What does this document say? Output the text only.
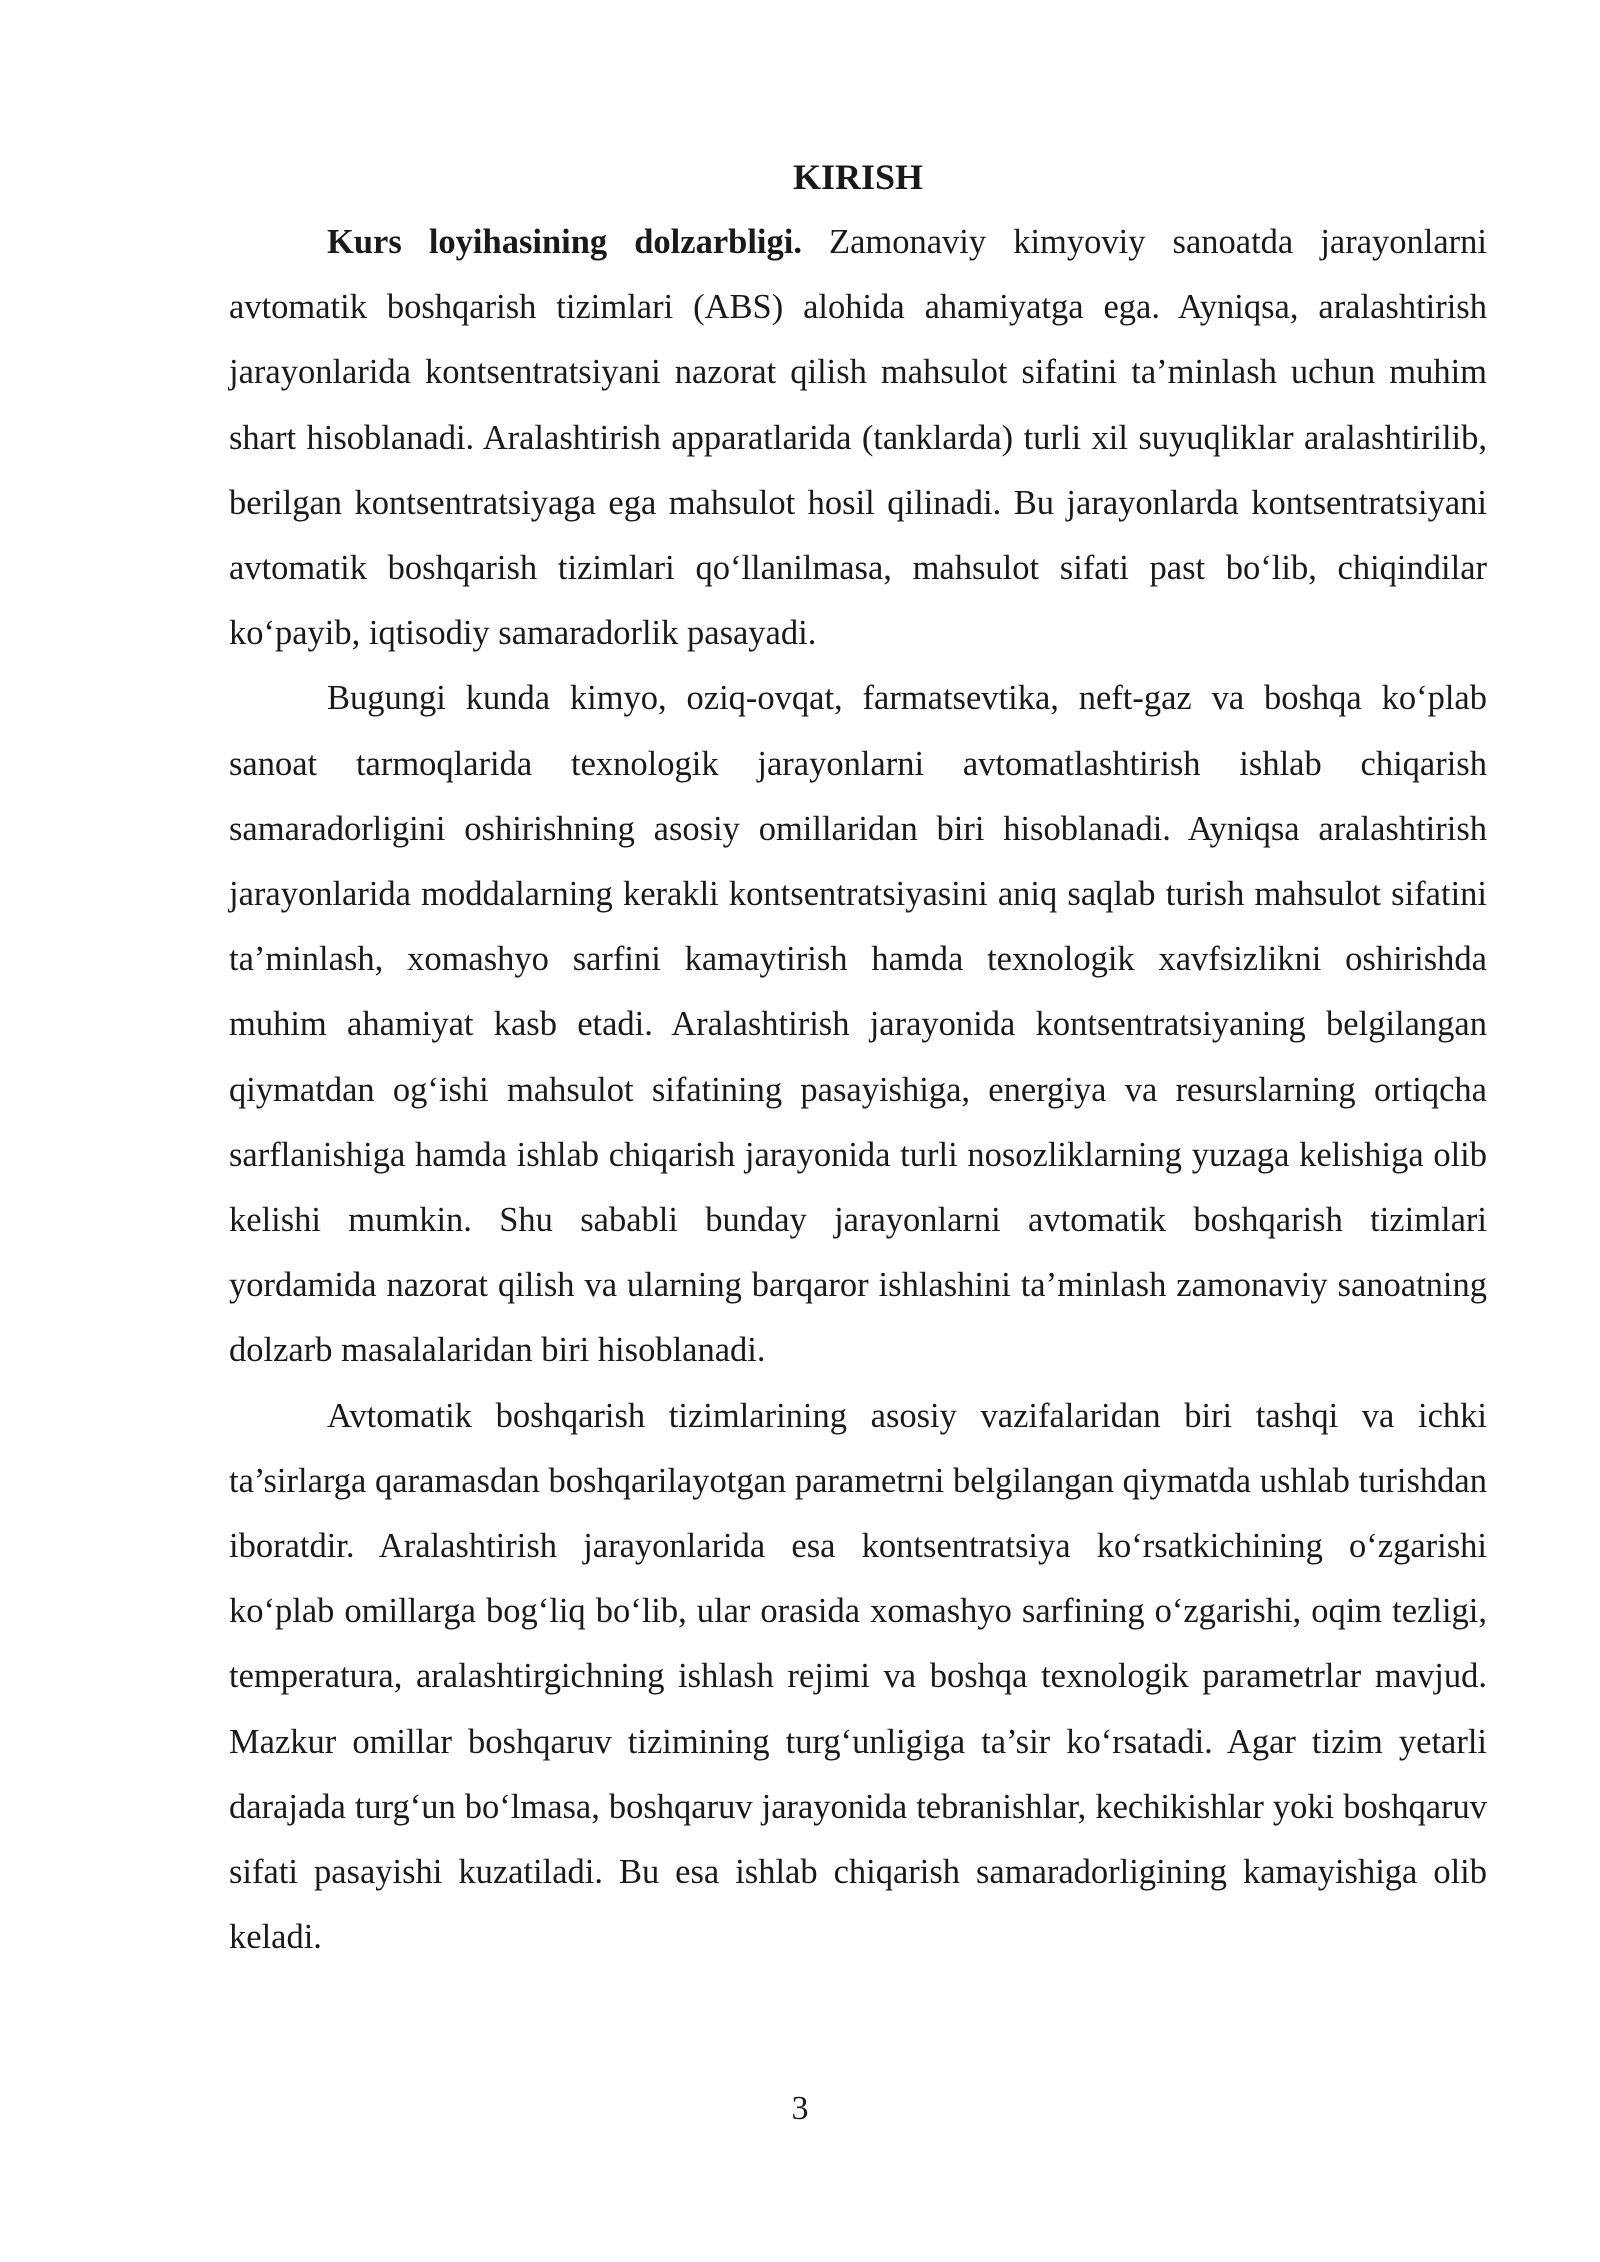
KIRISH

Kurs loyihasining dolzarbligi. Zamonaviy kimyoviy sanoatda jarayonlarni avtomatik boshqarish tizimlari (ABS) alohida ahamiyatga ega. Ayniqsa, aralashtirish jarayonlarida kontsentratsiyani nazorat qilish mahsulot sifatini ta’minlash uchun muhim shart hisoblanadi. Aralashtirish apparatlarida (tanklarda) turli xil suyuqliklar aralashtirilib, berilgan kontsentratsiyaga ega mahsulot hosil qilinadi. Bu jarayonlarda kontsentratsiyani avtomatik boshqarish tizimlari qo‘llanilmasa, mahsulot sifati past bo‘lib, chiqindilar ko‘payib, iqtisodiy samaradorlik pasayadi.

Bugungi kunda kimyo, oziq-ovqat, farmatsevtika, neft-gaz va boshqa ko‘plab sanoat tarmoqlarida texnologik jarayonlarni avtomatlashtirish ishlab chiqarish samaradorligini oshirishning asosiy omillaridan biri hisoblanadi. Ayniqsa aralashtirish jarayonlarida moddalarning kerakli kontsentratsiyasini aniq saqlab turish mahsulot sifatini ta’minlash, xomashyo sarfini kamaytirish hamda texnologik xavfsizlikni oshirishda muhim ahamiyat kasb etadi. Aralashtirish jarayonida kontsentratsiyaning belgilangan qiymatdan og‘ishi mahsulot sifatining pasayishiga, energiya va resurslarning ortiqcha sarflanishiga hamda ishlab chiqarish jarayonida turli nosozliklarning yuzaga kelishiga olib kelishi mumkin. Shu sababli bunday jarayonlarni avtomatik boshqarish tizimlari yordamida nazorat qilish va ularning barqaror ishlashini ta’minlash zamonaviy sanoatning dolzarb masalalaridan biri hisoblanadi.

Avtomatik boshqarish tizimlarining asosiy vazifalaridan biri tashqi va ichki ta’sirlarga qaramasdan boshqarilayotgan parametrni belgilangan qiymatda ushlab turishdan iboratdir. Aralashtirish jarayonlarida esa kontsentratsiya ko‘rsatkichining o‘zgarishi ko‘plab omillarga bog‘liq bo‘lib, ular orasida xomashyo sarfining o‘zgarishi, oqim tezligi, temperatura, aralashtirgichning ishlash rejimi va boshqa texnologik parametrlar mavjud. Mazkur omillar boshqaruv tizimining turg‘unligiga ta’sir ko‘rsatadi. Agar tizim yetarli darajada turg‘un bo‘lmasa, boshqaruv jarayonida tebranishlar, kechikishlar yoki boshqaruv sifati pasayishi kuzatiladi. Bu esa ishlab chiqarish samaradorligining kamayishiga olib keladi.

3
